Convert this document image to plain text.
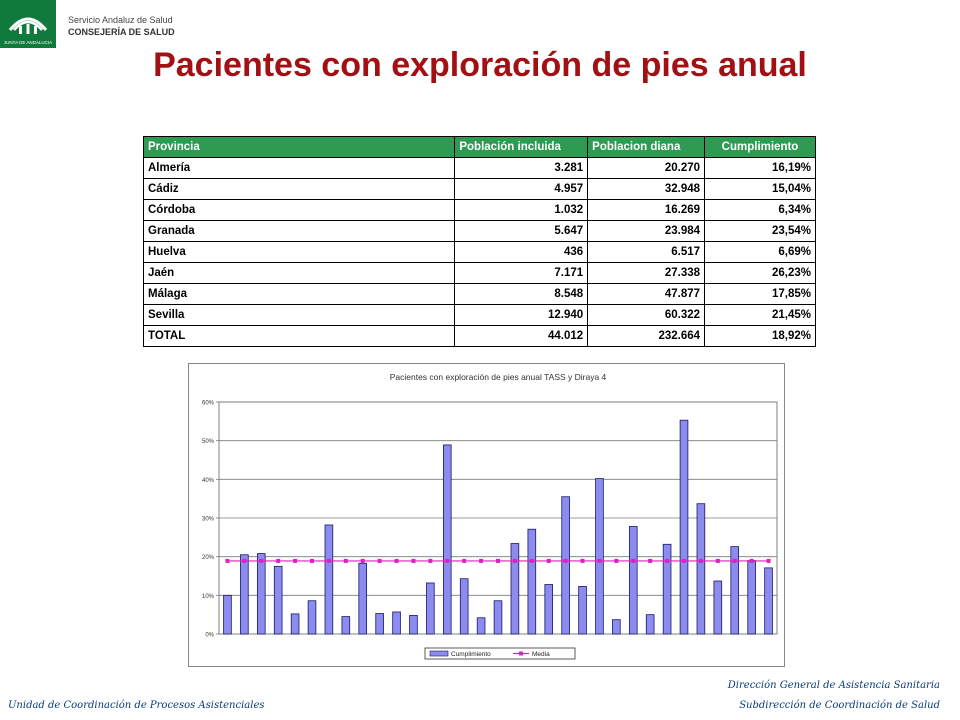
JUNTA DE ANDALUCIA
Servicio Andaluz de Salud
CONSEJERÍA DE SALUD
Pacientes con exploración de pies anual
Provincia	Población incluida	Poblacion diana	Cumplimiento
Almería	3.281	20.270	16,19%
Cádiz	4.957	32.948	15,04%
Córdoba	1.032	16.269	6,34%
Granada	5.647	23.984	23,54%
Huelva	436	6.517	6,69%
Jaén	7.171	27.338	26,23%
Málaga	8.548	47.877	17,85%
Sevilla	12.940	60.322	21,45%
TOTAL	44.012	232.664	18,92%
Pacientes con exploración de pies anual TASS y Diraya 4
0%
10%
20%
30%
40%
50%
60%
Cumplimiento	Media
Unidad de Coordinación de Procesos Asistenciales
Dirección General de Asistencia Sanitaria
Subdirección de Coordinación de Salud
